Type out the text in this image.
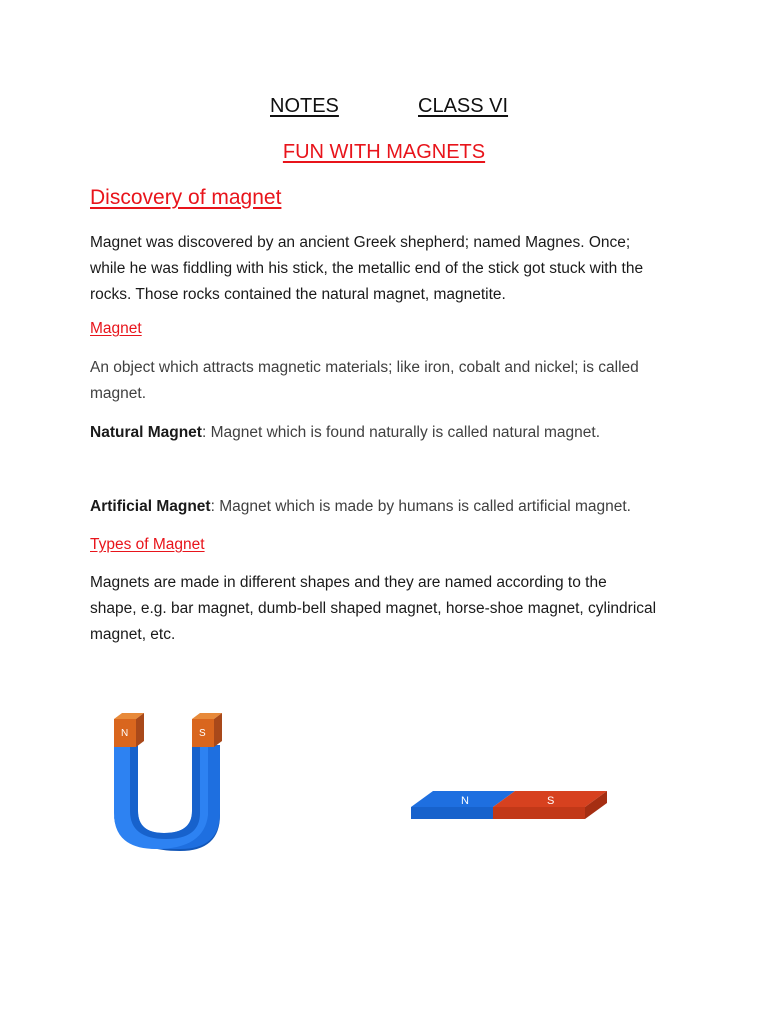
NOTES	CLASS VI
FUN WITH MAGNETS
Discovery of magnet
Magnet was discovered by an ancient Greek shepherd; named Magnes. Once;
while he was fiddling with his stick, the metallic end of the stick got stuck with the
rocks. Those rocks contained the natural magnet, magnetite.
Magnet
An object which attracts magnetic materials; like iron, cobalt and nickel; is called
magnet.
Natural Magnet: Magnet which is found naturally is called natural magnet.
Artificial Magnet: Magnet which is made by humans is called artificial magnet.
Types of Magnet
Magnets are made in different shapes and they are named according to the
shape, e.g. bar magnet, dumb-bell shaped magnet, horse-shoe magnet, cylindrical
magnet, etc.
N	S
N	S
